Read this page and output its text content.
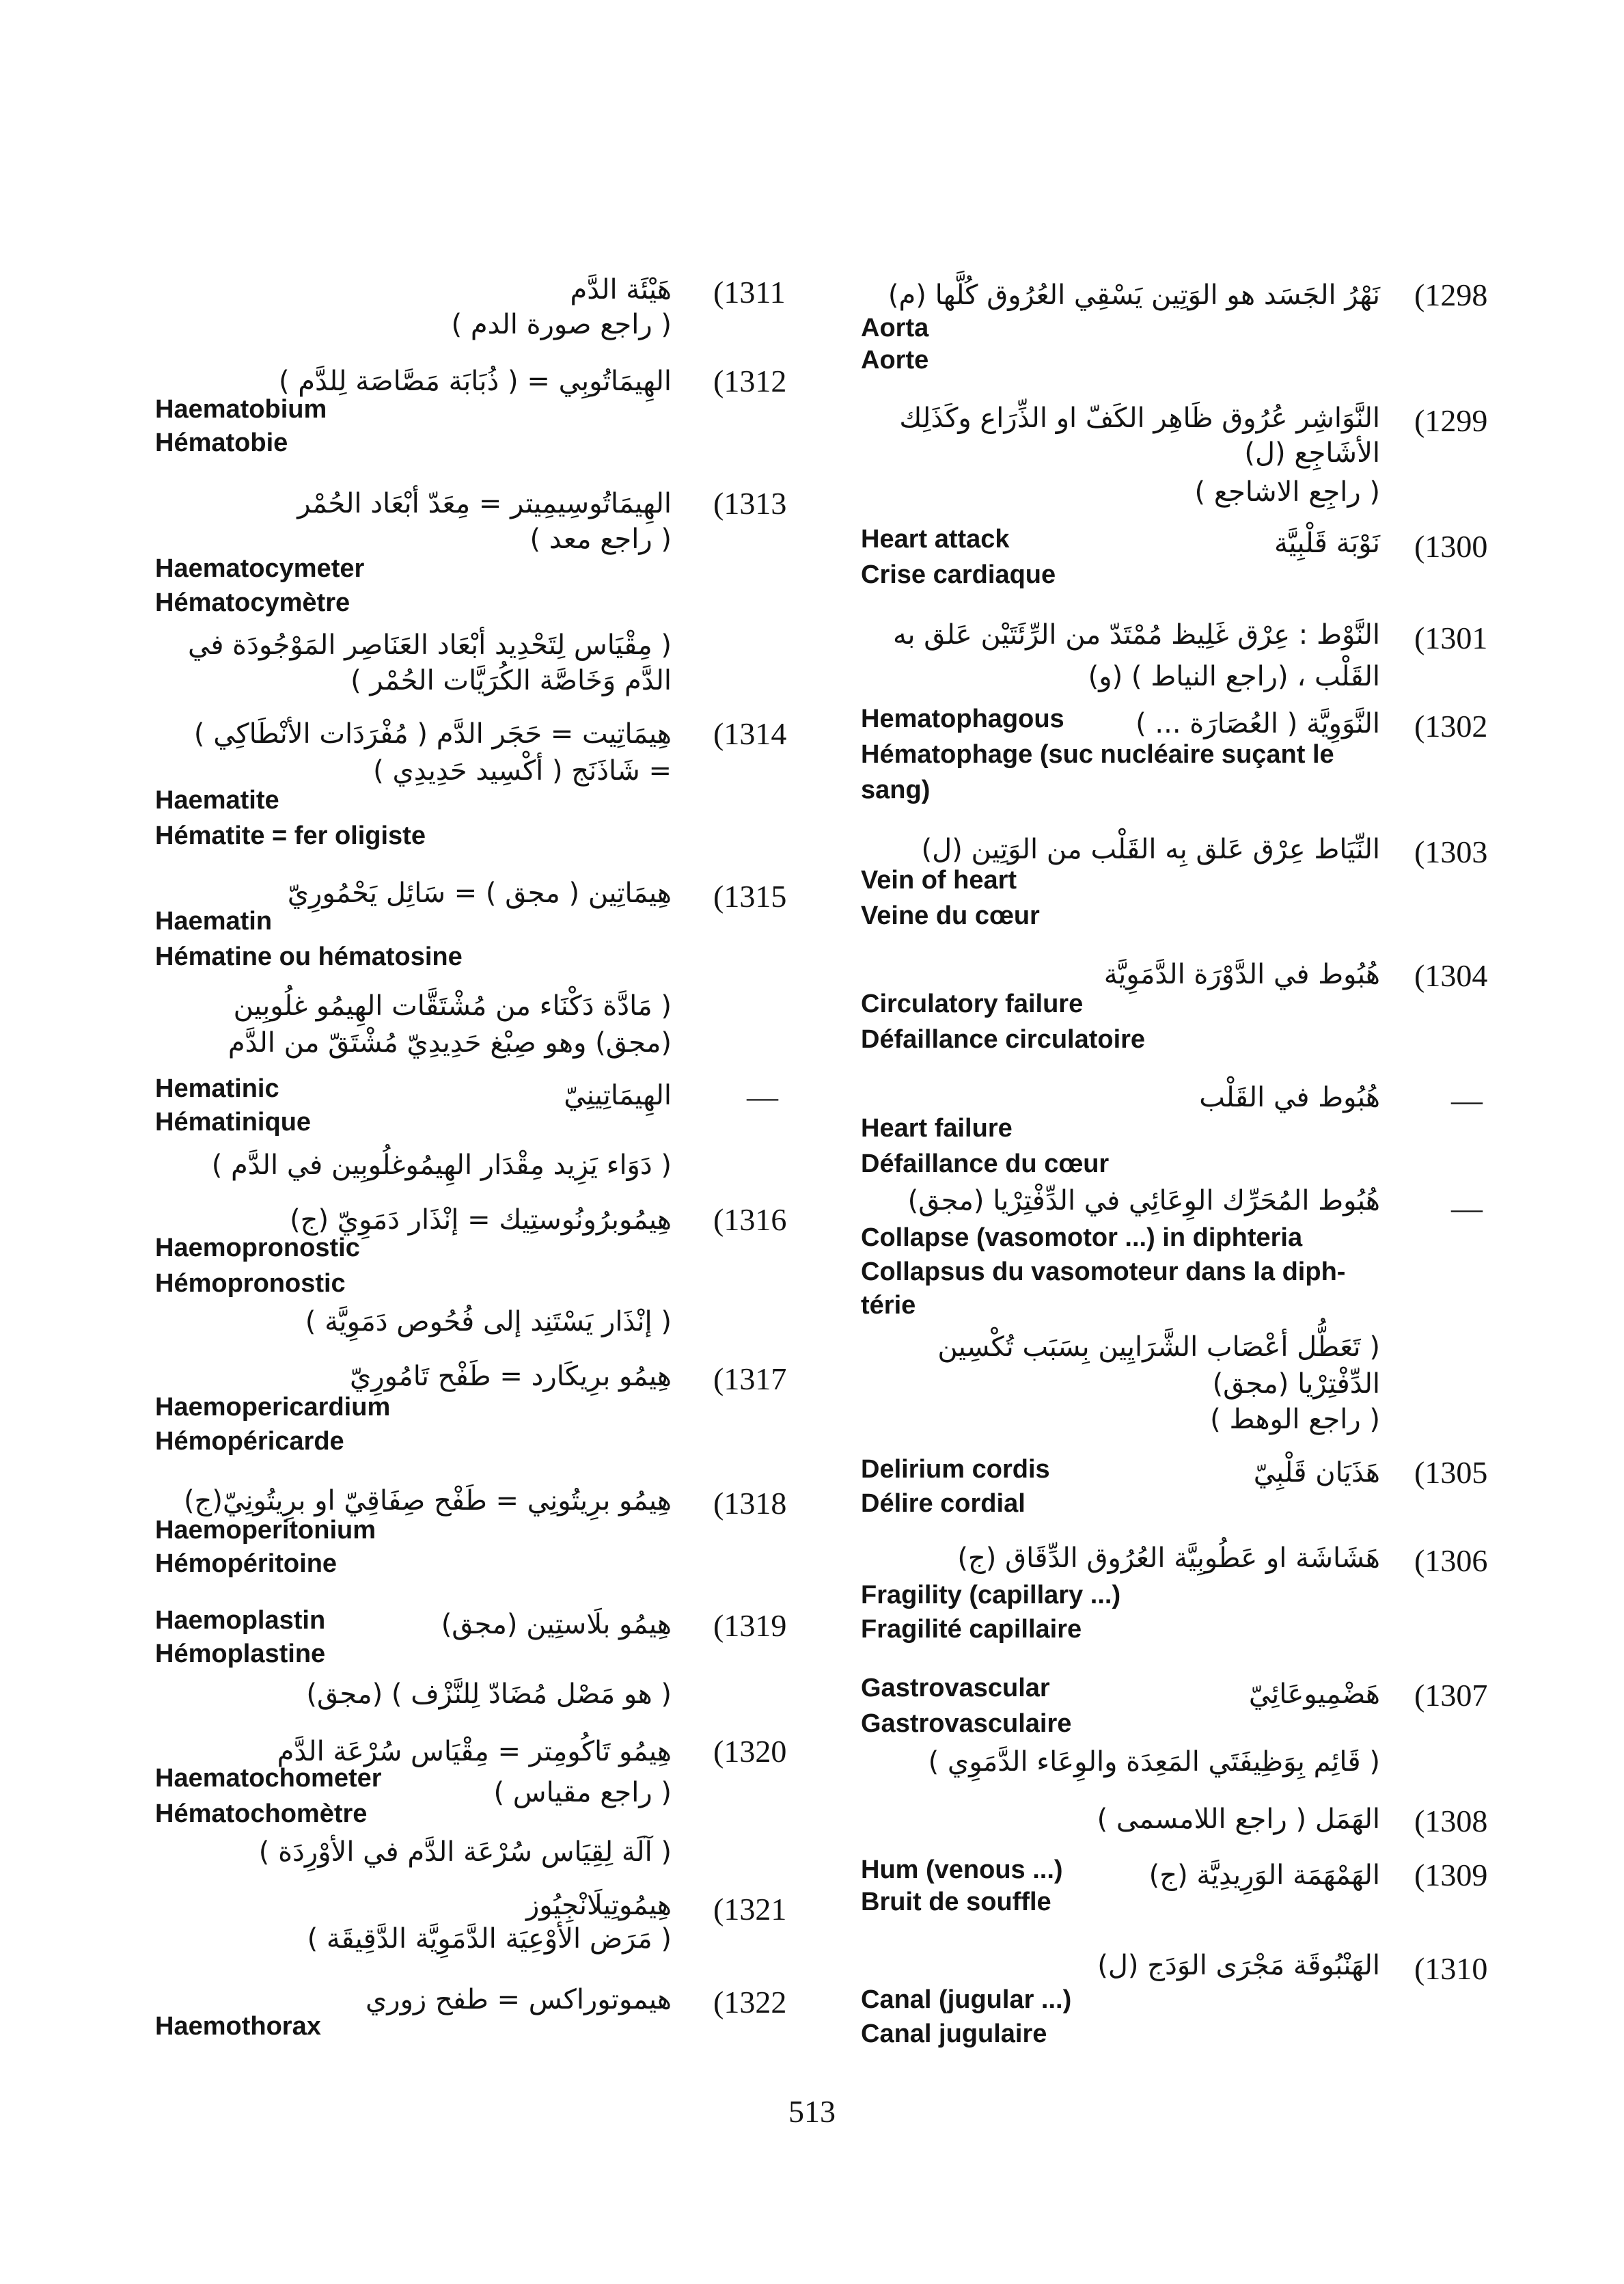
(1298
نَهْرُ الجَسَد هو الوَتِين يَسْقِي العُرُوق كُلَّها (م)
Aorta
Aorte
(1299
النَّوَاشِر عُرُوق ظَاهِر الكَفّ او الذِّرَاع وكَذَلِك
الأشَاجِع (ل)
( راجِع الاشاجع )
(1300
نَوْبَة قَلْبِيَّة
Heart attack
Crise cardiaque
(1301
النَّوْط : عِرْق غَلِيظ مُمْتَدّ من الرِّئَتَيْن عَلق به
القَلْب ، (راجع النياط ) (و)
(1302
النَّوَوِيَّة ( العُصَارَة ... )
Hematophagous
Hématophage (suc nucléaire suçant le
sang)
(1303
النِّيَاط عِرْق عَلق بِه القَلْب من الوَتِين (ل)
Vein of heart
Veine du cœur
(1304
هُبُوط في الدَّوْرَة الدَّمَوِيَّة
Circulatory failure
Défaillance circulatoire
—
هُبُوط في القَلْب
Heart failure
Défaillance du cœur
—
هُبُوط المُحَرِّك الوِعَائِي في الدِّفْتِرْيا (مجق)
Collapse (vasomotor ...) in diphteria
Collapsus du vasomoteur dans la diph-
térie
( تَعَطُّل أعْصَاب الشَّرَايِين بِسَبَب تُكْسِين
الدِّفْتِرْيا (مجق)
( راجع الوهط )
(1305
هَذَيَان قَلْبِيّ
Delirium cordis
Délire cordial
(1306
هَشَاشَة او عَطُوبِيَّة العُرُوق الدِّقَاق (ج)
Fragility (capillary ...)
Fragilité capillaire
(1307
هَضْمِيوعَائِيّ
Gastrovascular
Gastrovasculaire
( قَائِم بِوَظِيفَتَي المَعِدَة والوِعَاء الدَّمَوِي )
(1308
الهَمَل ( راجع اللامسمى )
(1309
الهَمْهَمَة الوَرِيدِيَّة (ج)
Hum (venous ...)
Bruit de souffle
(1310
الهَنْبُوقَة مَجْرَى الوَدَج (ل)
Canal (jugular ...)
Canal jugulaire
(1311
هَيْئَة الدَّم
( راجع صورة الدم )
(1312
الهِيمَاتُوبِي = ( ذُبَابَة مَصَّاصَة لِلدَّم )
Haematobium
Hématobie
(1313
الهِيمَاتُوسِيمِيتر = مِعَدّ أبْعَاد الحُمْر
( راجع معد )
Haematocymeter
Hématocymètre
( مِقْيَاس لِتَحْدِيد أبْعَاد العَنَاصِر المَوْجُودَة في
الدَّم وَخَاصَّة الكُرَيَّات الحُمْر )
(1314
هِيمَاتِيت = حَجَر الدَّم ( مُفْرَدَات الأنْطَاكِي )
= شَاذَنَج ( أكْسِيد حَدِيدِي )
Haematite
Hématite = fer oligiste
(1315
هِيمَاتِين ( مجق ) = سَائِل يَحْمُورِيّ
Haematin
Hématine ou hématosine
( مَادَّة دَكْنَاء من مُشْتَقَّات الهِيمُو غلُوبِين
(مجق) وهو صِبْغ حَدِيدِيّ مُشْتَقّ من الدَّم
—
الهِيمَاتِينِيّ
Hematinic
Hématinique
( دَوَاء يَزِيد مِقْدَار الهِيمُوغلُوبِين في الدَّم )
(1316
هِيمُوبرُونُوستِيك = إنْذَار دَمَوِيّ (ج)
Haemopronostic
Hémopronostic
( إنْذَار يَسْتَنِد إلى فُحُوص دَمَوِيَّة )
(1317
هِيمُو برِيكَارد = طَفْح تَامُورِيّ
Haemopericardium
Hémopéricarde
(1318
هِيمُو برِيتُونِي = طَفْح صِفَاقِيّ او برِيتُونِيّ(ج)
Haemoperitonium
Hémopéritoine
(1319
هِيمُو بلَاستِين (مجق)
Haemoplastin
Hémoplastine
( هو مَصْل مُضَادّ لِلنَّزْف ) (مجق)
(1320
هِيمُو تَاكُومِتر = مِقْيَاس سُرْعَة الدَّم
Haematochometer	( راجع مقياس )
Hématochomètre
( آلَة لِقِيَاس سُرْعَة الدَّم في الأوْرِدَة )
(1321
هِيمُوتِيلَانْجِيُوز
( مَرَض الأوْعِيَة الدَّمَوِيَّة الدَّقِيقَة )
(1322
هيموتوراكس = طفح زوري
Haemothorax
513
